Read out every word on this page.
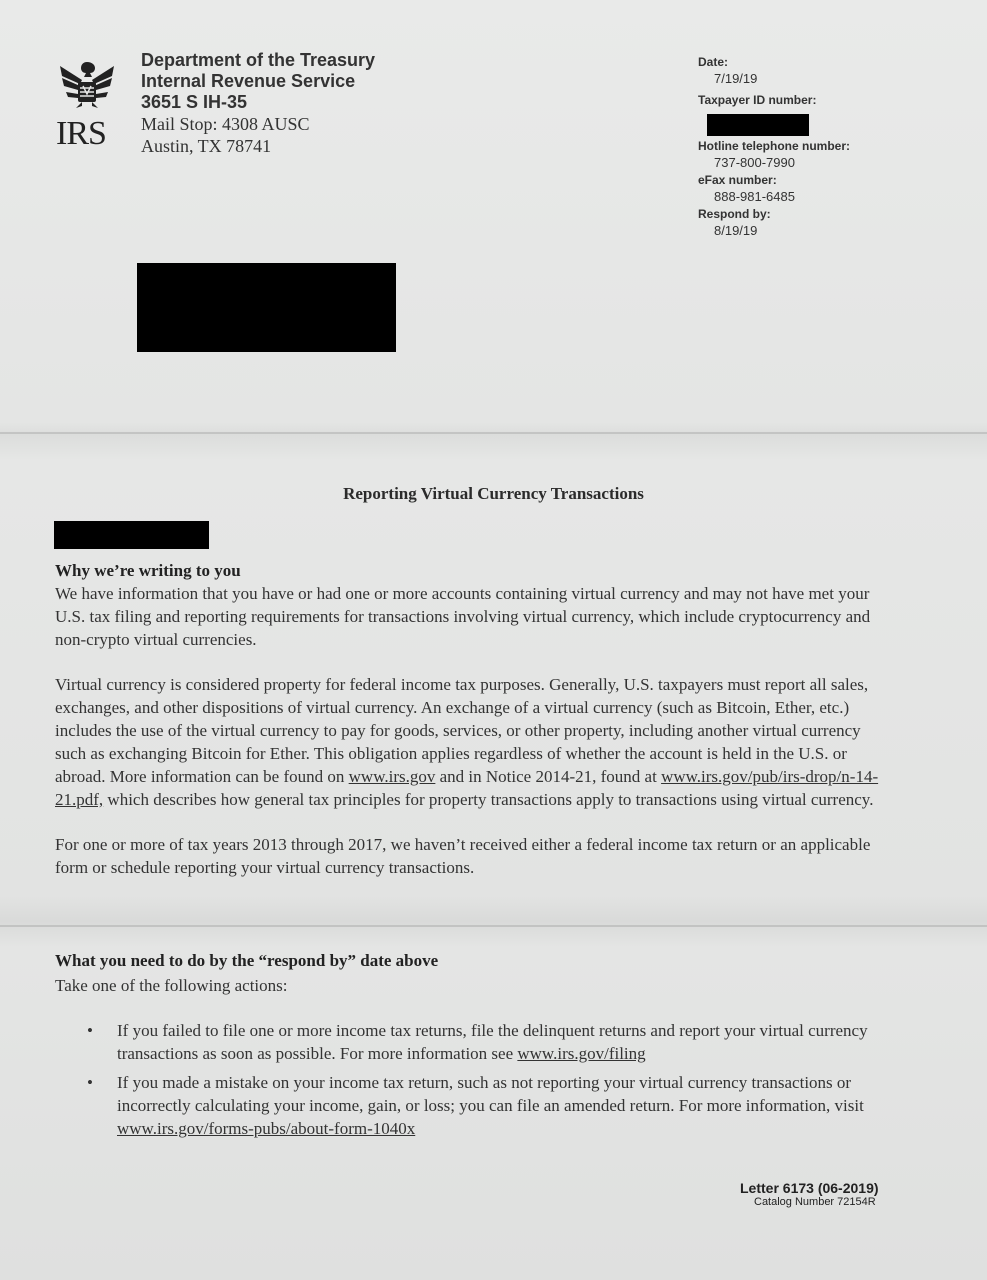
IRS
Department of the Treasury
Internal Revenue Service
3651 S IH-35
Mail Stop: 4308 AUSC
Austin, TX 78741
Date:
7/19/19
Taxpayer ID number:
Hotline telephone number:
737-800-7990
eFax number:
888-981-6485
Respond by:
8/19/19
Reporting Virtual Currency Transactions
Why we’re writing to you
We have information that you have or had one or more accounts containing virtual currency and may not have met your U.S. tax filing and reporting requirements for transactions involving virtual currency, which include cryptocurrency and non-crypto virtual currencies.
Virtual currency is considered property for federal income tax purposes. Generally, U.S. taxpayers must report all sales, exchanges, and other dispositions of virtual currency. An exchange of a virtual currency (such as Bitcoin, Ether, etc.) includes the use of the virtual currency to pay for goods, services, or other property, including another virtual currency such as exchanging Bitcoin for Ether. This obligation applies regardless of whether the account is held in the U.S. or abroad. More information can be found on www.irs.gov and in Notice 2014-21, found at www.irs.gov/pub/irs-drop/n-14-21.pdf, which describes how general tax principles for property transactions apply to transactions using virtual currency.
For one or more of tax years 2013 through 2017, we haven’t received either a federal income tax return or an applicable form or schedule reporting your virtual currency transactions.
What you need to do by the “respond by” date above
Take one of the following actions:
• If you failed to file one or more income tax returns, file the delinquent returns and report your virtual currency transactions as soon as possible. For more information see www.irs.gov/filing
• If you made a mistake on your income tax return, such as not reporting your virtual currency transactions or incorrectly calculating your income, gain, or loss; you can file an amended return. For more information, visit www.irs.gov/forms-pubs/about-form-1040x
Letter 6173 (06-2019)
Catalog Number 72154R
